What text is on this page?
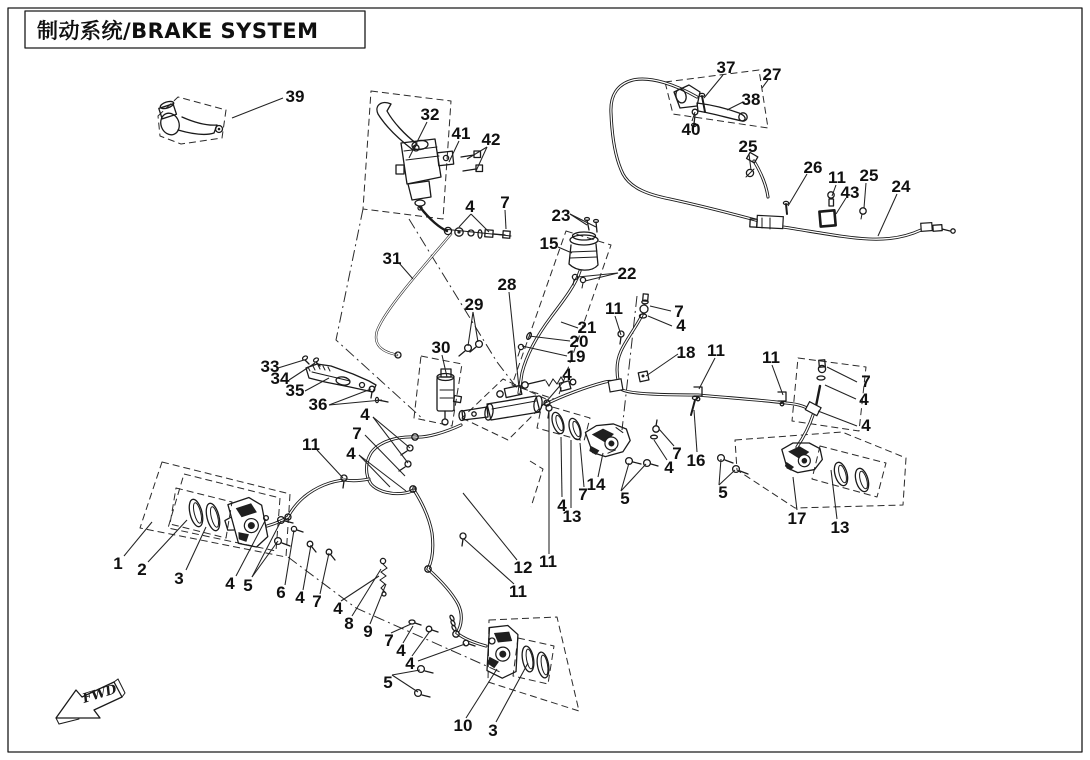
制动系统/BRAKE SYSTEM
FWD
39
32
41 42
37 27
38
40
25
26
11
43
25
24
4 7
23
15
22
31
28
29
30
21
20
19
11	7
4
18 11 11
7
4
4
33
34
35
36
4
7
4
11
4
16
14
7
4
13
5
4
7
5
17 13
1 2 3 4 5 6 4 7 4
8 9 7
4
4
12 11
11
5
10 3
